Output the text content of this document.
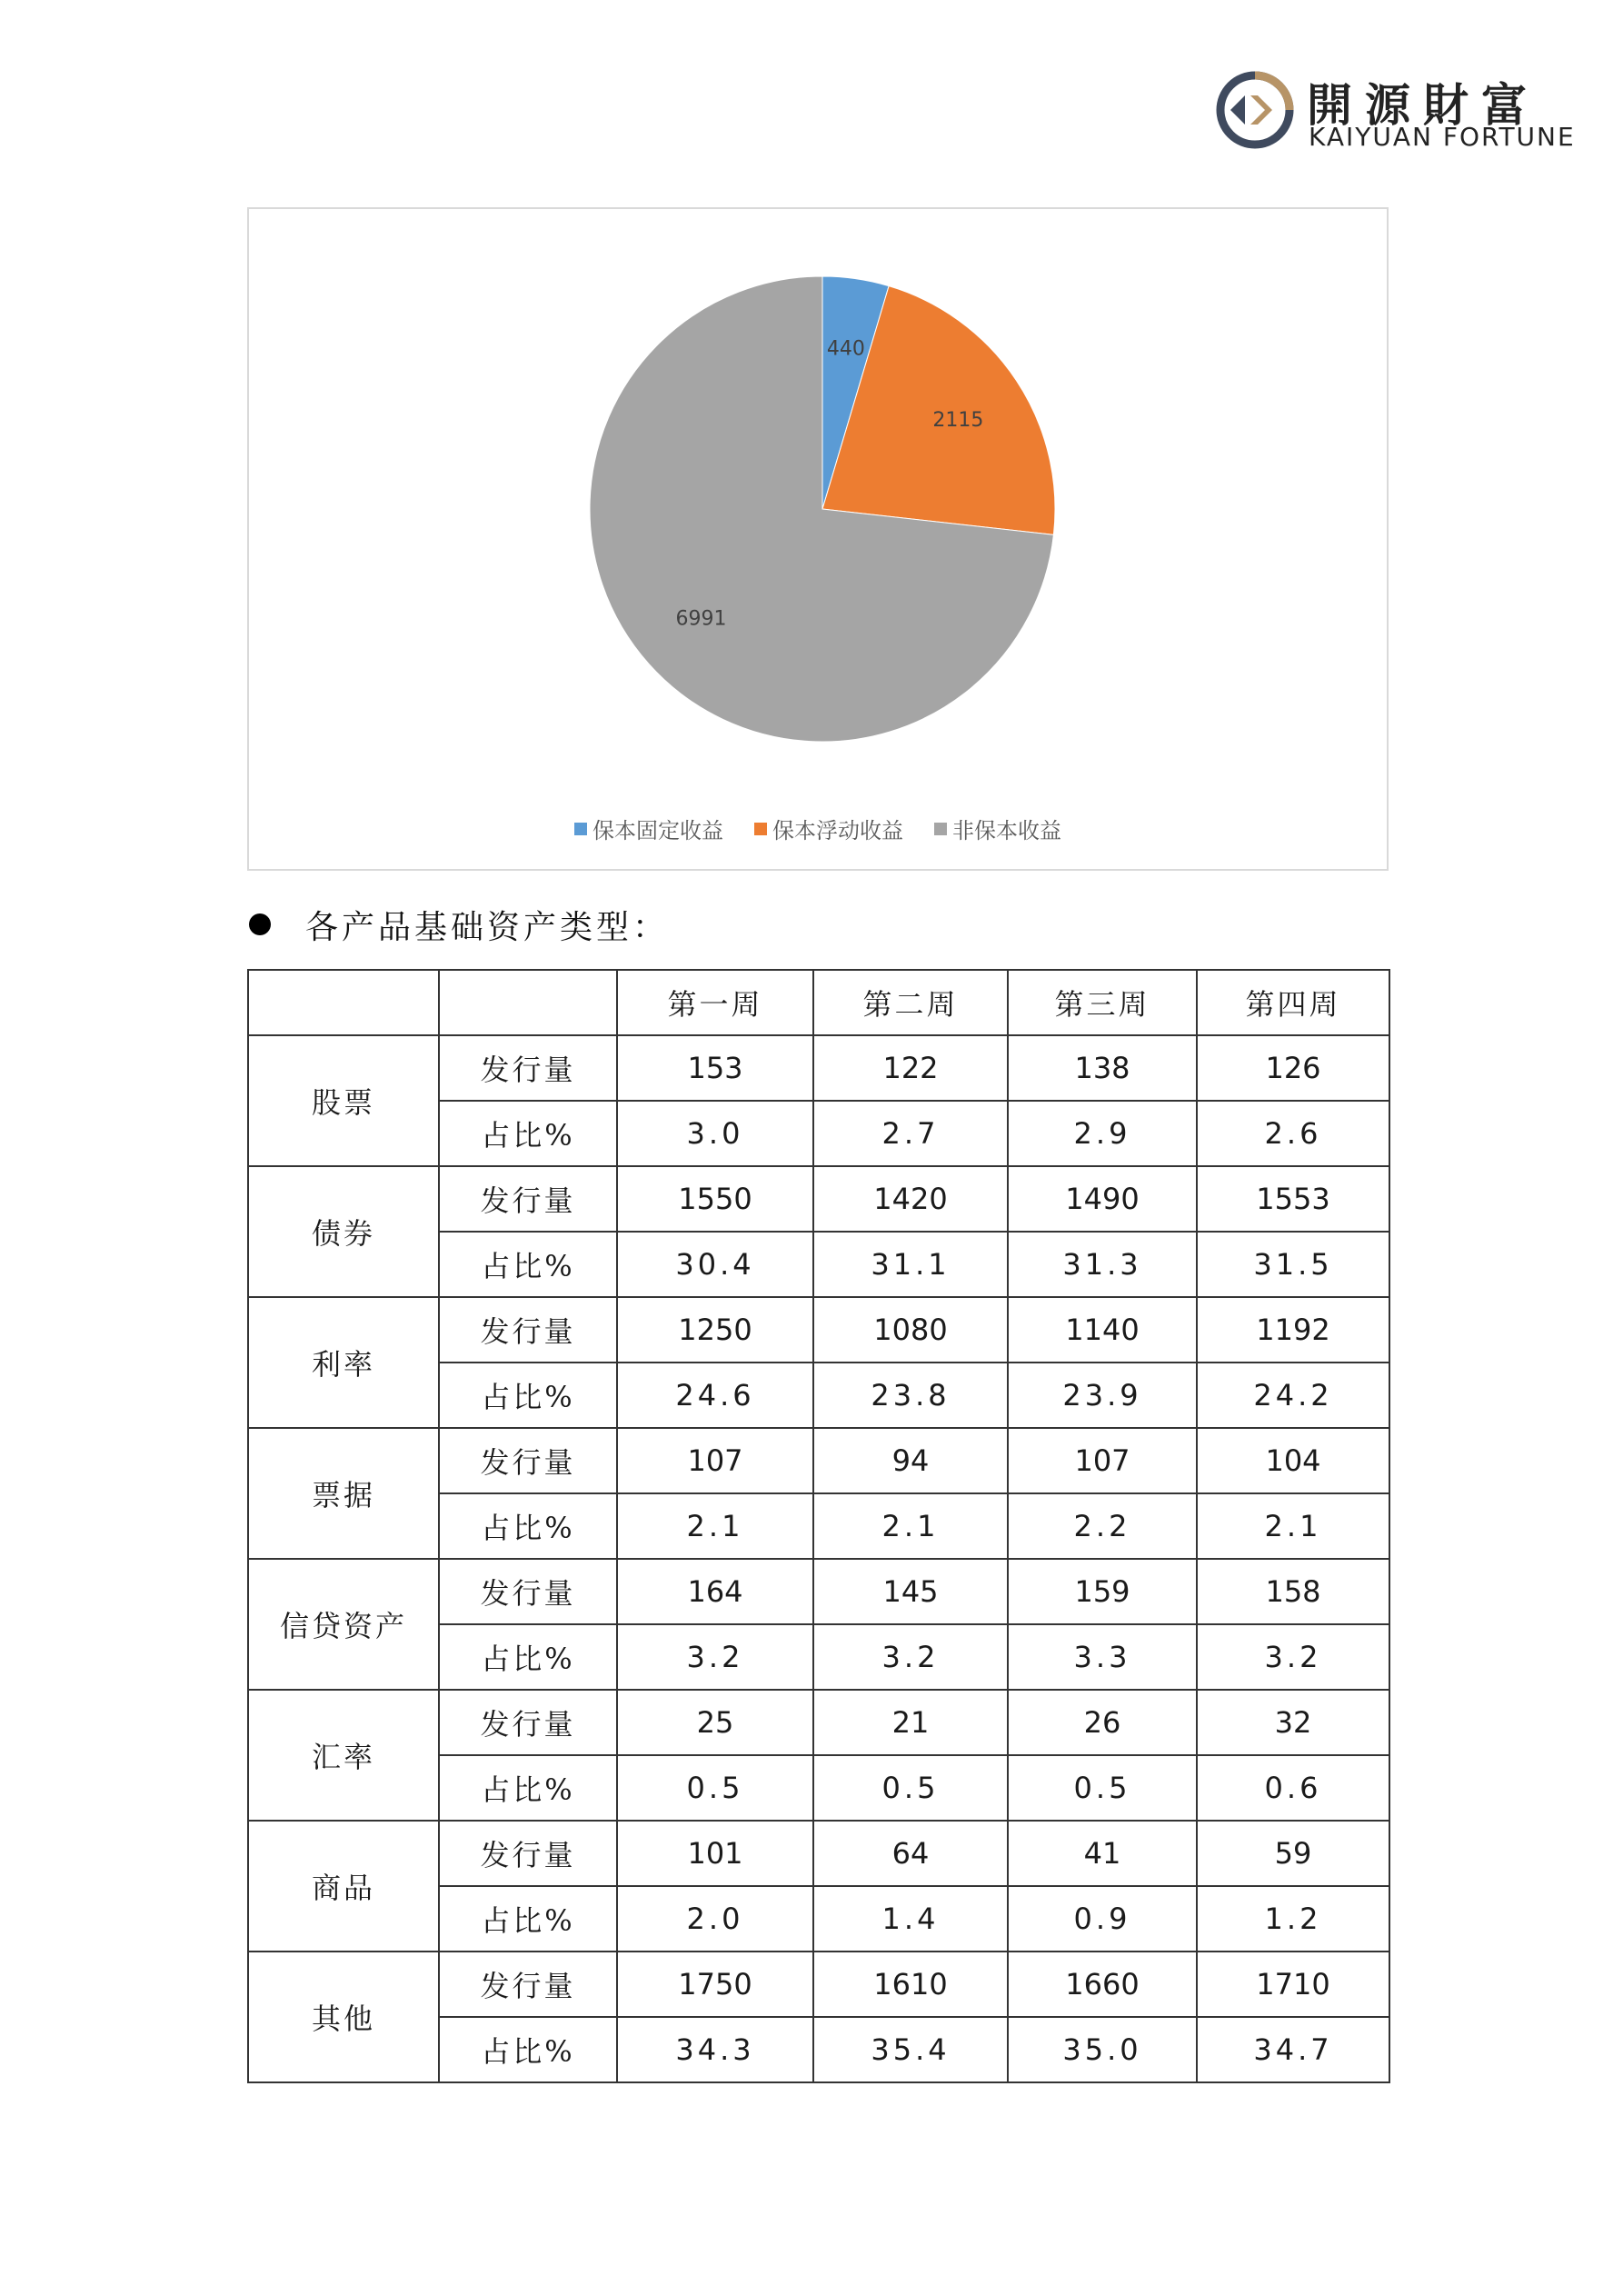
開源財富
KAIYUAN FORTUNE
440
2115
6991
保本固定收益 保本浮动收益 非保本收益
各产品基础资产类型：
		第一周	第二周	第三周	第四周
股票	发行量	153	122	138	126
	占比%	3.0	2.7	2.9	2.6
债券	发行量	1550	1420	1490	1553
	占比%	30.4	31.1	31.3	31.5
利率	发行量	1250	1080	1140	1192
	占比%	24.6	23.8	23.9	24.2
票据	发行量	107	94	107	104
	占比%	2.1	2.1	2.2	2.1
信贷资产	发行量	164	145	159	158
	占比%	3.2	3.2	3.3	3.2
汇率	发行量	25	21	26	32
	占比%	0.5	0.5	0.5	0.6
商品	发行量	101	64	41	59
	占比%	2.0	1.4	0.9	1.2
其他	发行量	1750	1610	1660	1710
	占比%	34.3	35.4	35.0	34.7
